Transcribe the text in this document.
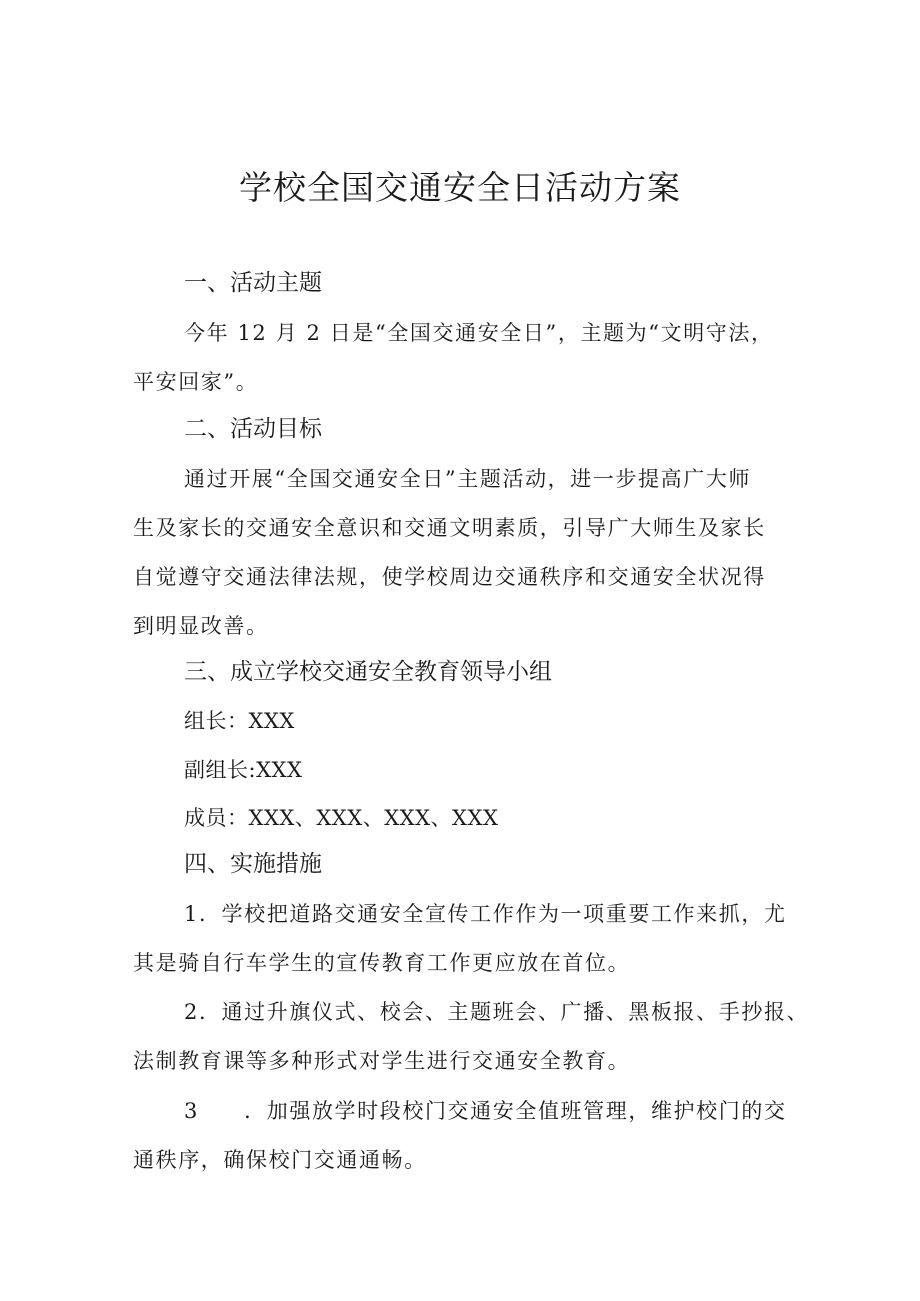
学校全国交通安全日活动方案
一、活动主题

今年 12 月 2 日是“全国交通安全日”，主题为“文明守法，

平安回家”。

二、活动目标

通过开展“全国交通安全日”主题活动，进一步提高广大师

生及家长的交通安全意识和交通文明素质，引导广大师生及家长

自觉遵守交通法律法规，使学校周边交通秩序和交通安全状况得

到明显改善。

三、成立学校交通安全教育领导小组

组长：XXX

副组长:XXX

成员：XXX、XXX、XXX、XXX

四、实施措施

1．学校把道路交通安全宣传工作作为一项重要工作来抓，尤

其是骑自行车学生的宣传教育工作更应放在首位。

2．通过升旗仪式、校会、主题班会、广播、黑板报、手抄报、

法制教育课等多种形式对学生进行交通安全教育。

3　　．加强放学时段校门交通安全值班管理，维护校门的交

通秩序，确保校门交通通畅。
